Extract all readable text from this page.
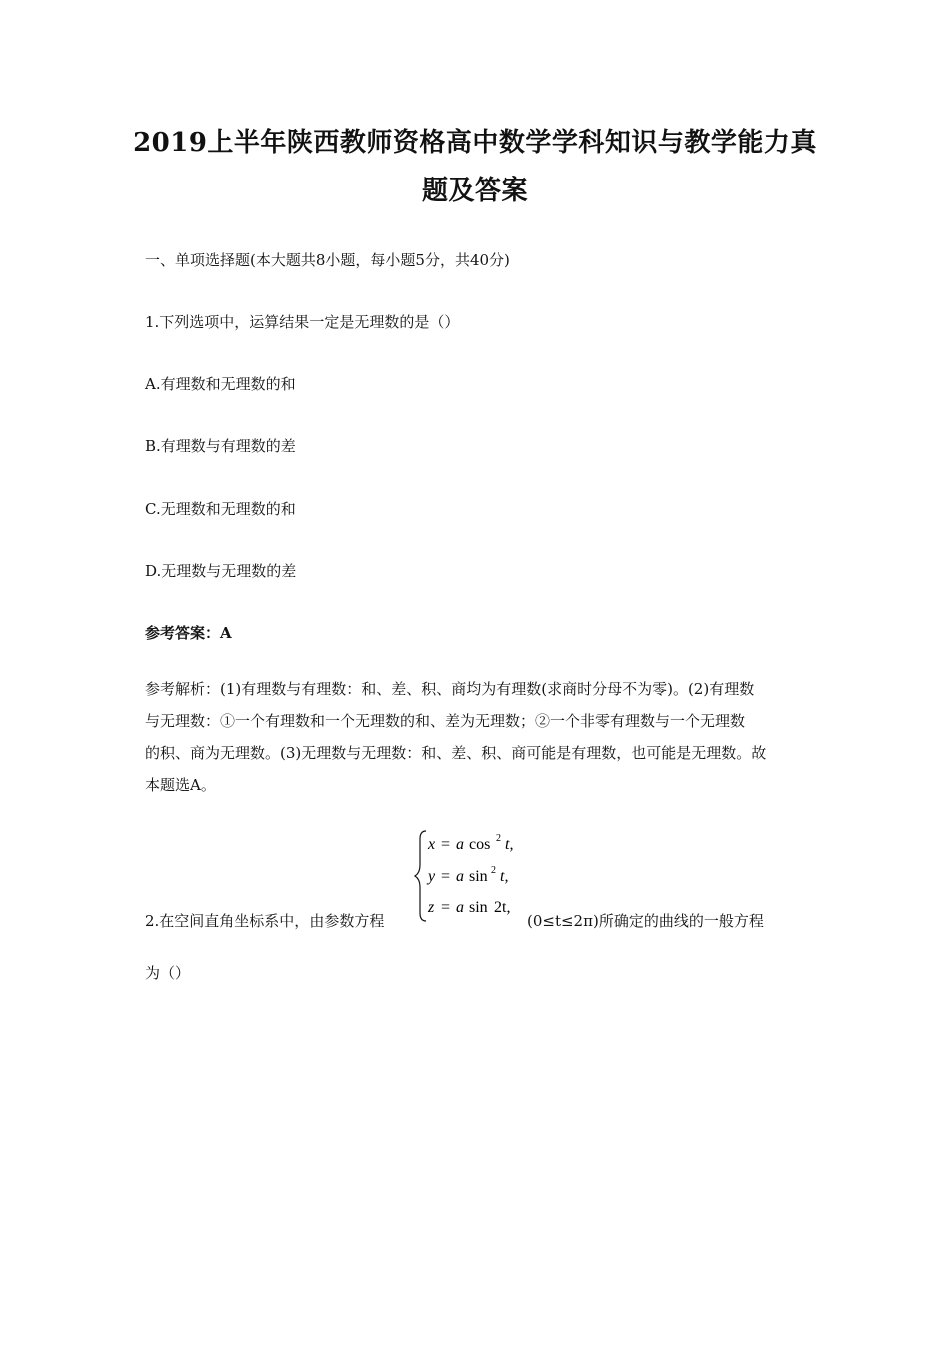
2019上半年陕西教师资格高中数学学科知识与教学能力真
题及答案
一、单项选择题(本大题共8小题，每小题5分，共40分)
1.下列选项中，运算结果一定是无理数的是（）
A.有理数和无理数的和
B.有理数与有理数的差
C.无理数和无理数的和
D.无理数与无理数的差
参考答案：A
参考解析：(1)有理数与有理数：和、差、积、商均为有理数(求商时分母不为零)。(2)有理数
与无理数：①一个有理数和一个无理数的和、差为无理数；②一个非零有理数与一个无理数
的积、商为无理数。(3)无理数与无理数：和、差、积、商可能是有理数，也可能是无理数。故
本题选A。
x = a cos 2 t,
y = a sin 2 t,
z = a sin 2t,
2.在空间直角坐标系中，由参数方程	(0≤t≤2π)所确定的曲线的一般方程
为（）
